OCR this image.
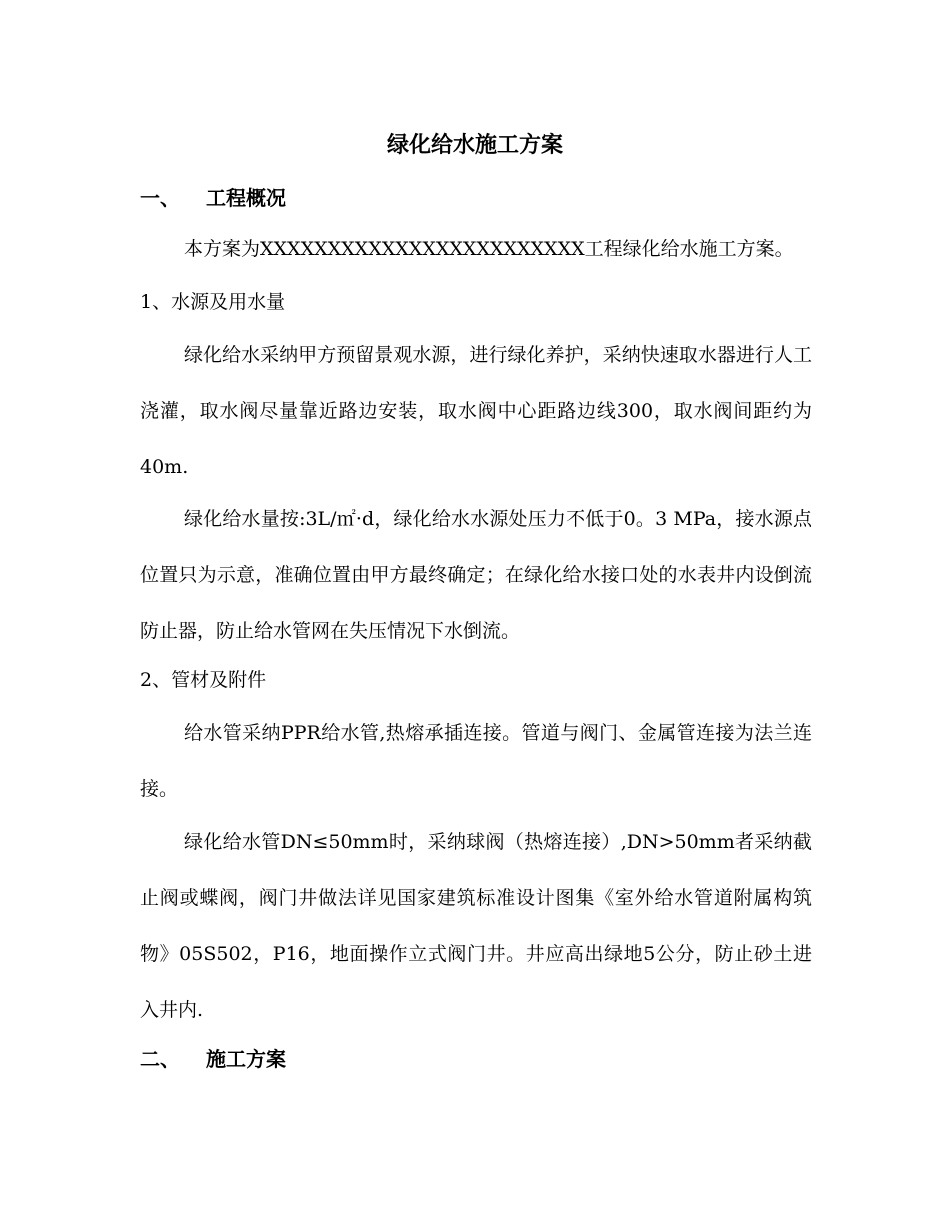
绿化给水施工方案
一、 工程概况
本方案为XXXXXXXXXXXXXXXXXXXXXXXX工程绿化给水施工方案。
1、水源及用水量
绿化给水采纳甲方预留景观水源，进行绿化养护，采纳快速取水器进行人工浇灌，取水阀尽量靠近路边安装，取水阀中心距路边线300，取水阀间距约为40m.
绿化给水量按:3L/㎡·d，绿化给水水源处压力不低于0。3 MPa，接水源点位置只为示意，准确位置由甲方最终确定；在绿化给水接口处的水表井内设倒流防止器，防止给水管网在失压情况下水倒流。
2、管材及附件
给水管采纳PPR给水管,热熔承插连接。管道与阀门、金属管连接为法兰连接。
绿化给水管DN≤50mm时，采纳球阀（热熔连接）,DN>50mm者采纳截止阀或蝶阀，阀门井做法详见国家建筑标准设计图集《室外给水管道附属构筑物》05S502，P16，地面操作立式阀门井。井应高出绿地5公分，防止砂土进入井内.
二、 施工方案
